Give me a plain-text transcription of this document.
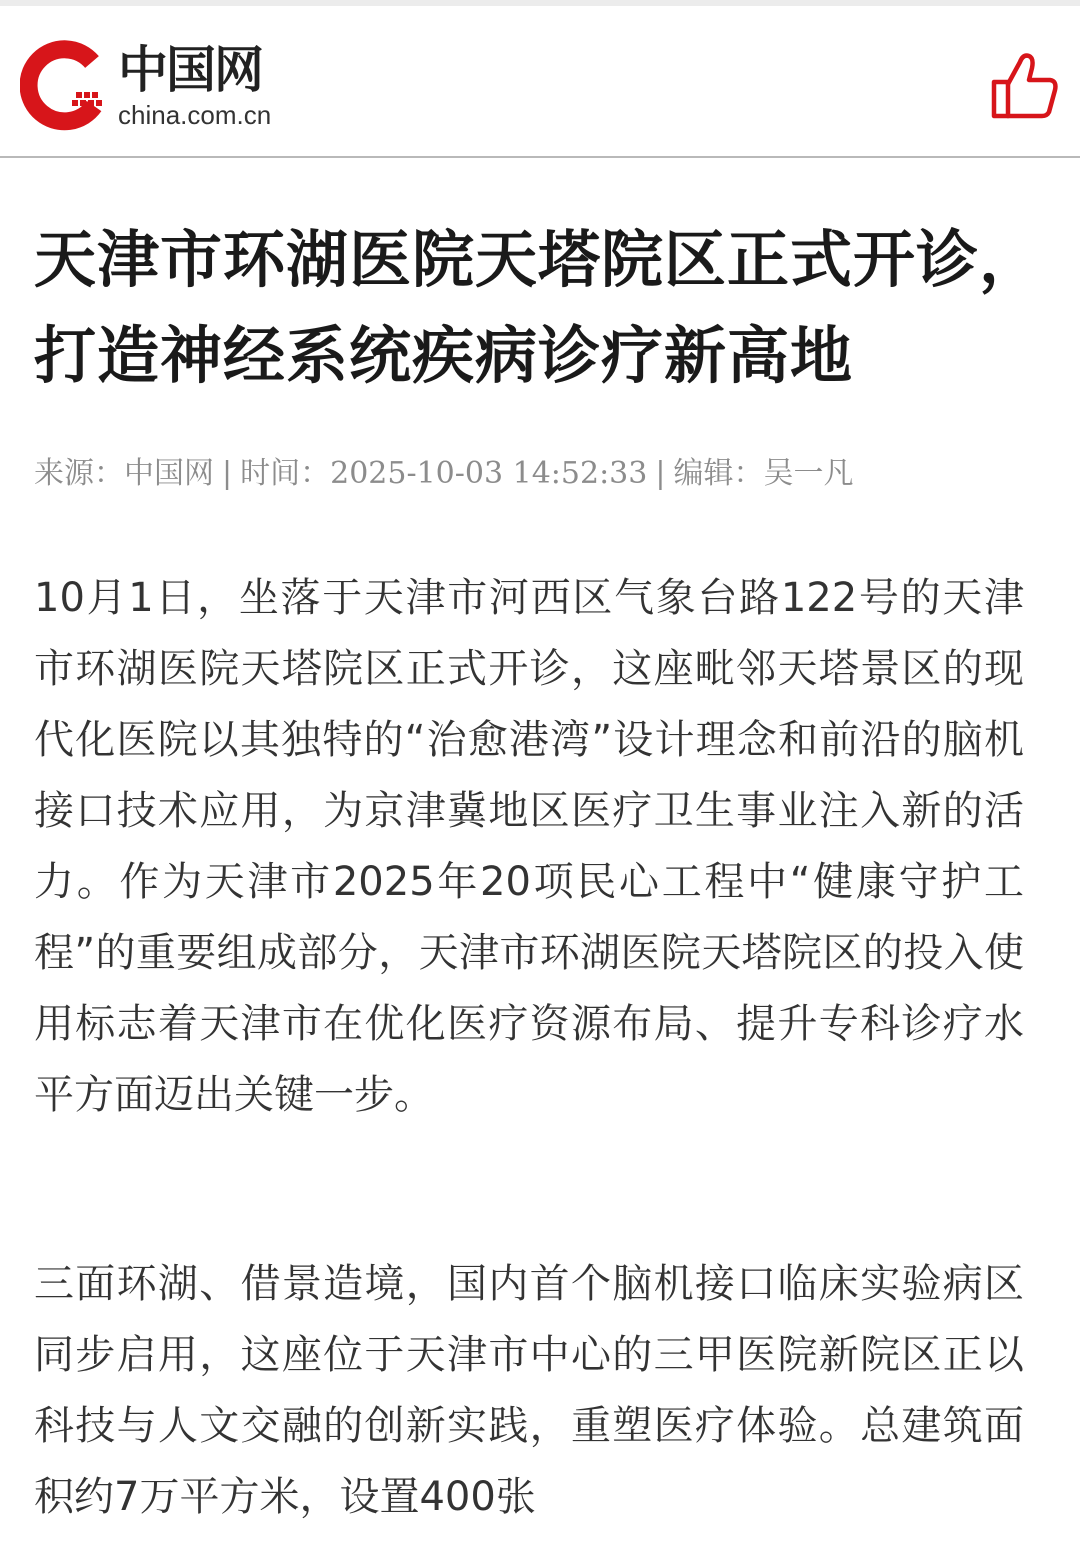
中国网
china.com.cn
天津市环湖医院天塔院区正式开诊，打造神经系统疾病诊疗新高地
来源：中国网 | 时间：2025-10-03 14:52:33 | 编辑：吴一凡

10月1日，坐落于天津市河西区气象台路122号的天津市环湖医院天塔院区正式开诊，这座毗邻天塔景区的现代化医院以其独特的“治愈港湾”设计理念和前沿的脑机接口技术应用，为京津冀地区医疗卫生事业注入新的活力。作为天津市2025年20项民心工程中“健康守护工程”的重要组成部分，天津市环湖医院天塔院区的投入使用标志着天津市在优化医疗资源布局、提升专科诊疗水平方面迈出关键一步。

三面环湖、借景造境，国内首个脑机接口临床实验病区同步启用，这座位于天津市中心的三甲医院新院区正以科技与人文交融的创新实践，重塑医疗体验。总建筑面积约7万平方米，设置400张
